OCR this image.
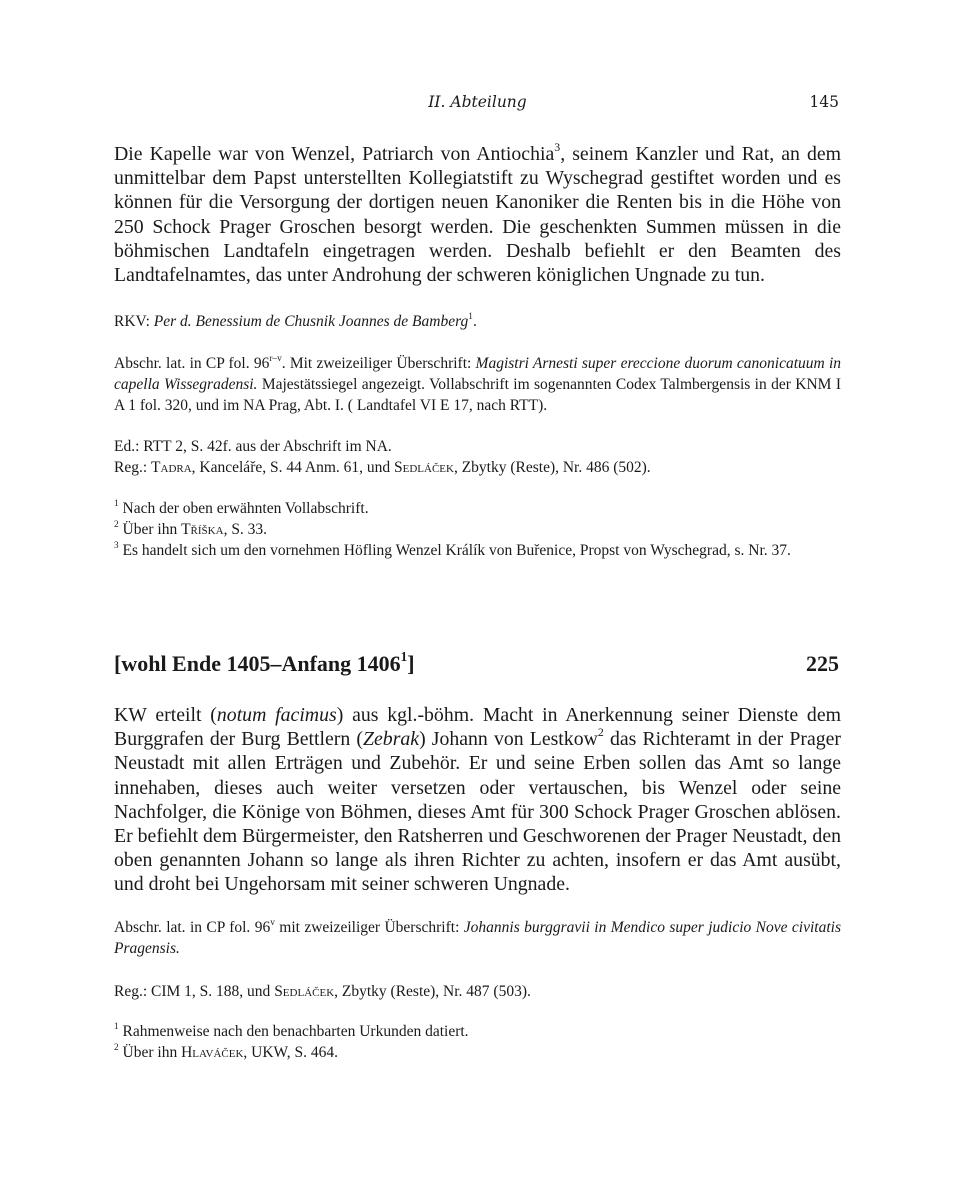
II. Abteilung	145

Die Kapelle war von Wenzel, Patriarch von Antiochia$^3$, seinem Kanzler und Rat, an dem unmittelbar dem Papst unterstellten Kollegiatstift zu Wyschegrad gestiftet worden und es können für die Versorgung der dortigen neuen Kanoniker die Renten bis in die Höhe von 250 Schock Prager Groschen besorgt werden. Die geschenkten Summen müssen in die böhmischen Landtafeln eingetragen werden. Deshalb befiehlt er den Beamten des Landtafelnamtes, das unter Androhung der schweren königlichen Ungnade zu tun.

RKV: Per d. Benessium de Chusnik Joannes de Bamberg$^1$.

Abschr. lat. in CP fol. 96$^{r-v}$. Mit zweizeiliger Überschrift: Magistri Arnesti super ereccione duorum canonicatuum in capella Wissegradensi. Majestätssiegel angezeigt. Vollabschrift im sogenannten Codex Talmbergensis in der KNM I A 1 fol. 320, und im NA Prag, Abt. I. ( Landtafel VI E 17, nach RTT).

Ed.: RTT 2, S. 42f. aus der Abschrift im NA.

Reg.: Tadra, Kanceláře, S. 44 Anm. 61, und Sedláček, Zbytky (Reste), Nr. 486 (502).

$^1$ Nach der oben erwähnten Vollabschrift.

$^2$ Über ihn Tříška, S. 33.

$^3$ Es handelt sich um den vornehmen Höfling Wenzel Králík von Buřenice, Propst von Wyschegrad, s. Nr. 37.

[wohl Ende 1405–Anfang 1406$^1$]	225

KW erteilt (notum facimus) aus kgl.-böhm. Macht in Anerkennung seiner Dienste dem Burggrafen der Burg Bettlern (Zebrak) Johann von Lestkow$^2$ das Richteramt in der Prager Neustadt mit allen Erträgen und Zubehör. Er und seine Erben sollen das Amt so lange innehaben, dieses auch weiter versetzen oder vertauschen, bis Wenzel oder seine Nachfolger, die Könige von Böhmen, dieses Amt für 300 Schock Prager Groschen ablösen. Er befiehlt dem Bürgermeister, den Ratsherren und Geschworenen der Prager Neustadt, den oben genannten Johann so lange als ihren Richter zu achten, insofern er das Amt ausübt, und droht bei Ungehorsam mit seiner schweren Ungnade.

Abschr. lat. in CP fol. 96$^v$ mit zweizeiliger Überschrift: Johannis burggravii in Mendico super judicio Nove civitatis Pragensis.

Reg.: CIM 1, S. 188, und Sedláček, Zbytky (Reste), Nr. 487 (503).

$^1$ Rahmenweise nach den benachbarten Urkunden datiert.

$^2$ Über ihn Hlaváček, UKW, S. 464.
